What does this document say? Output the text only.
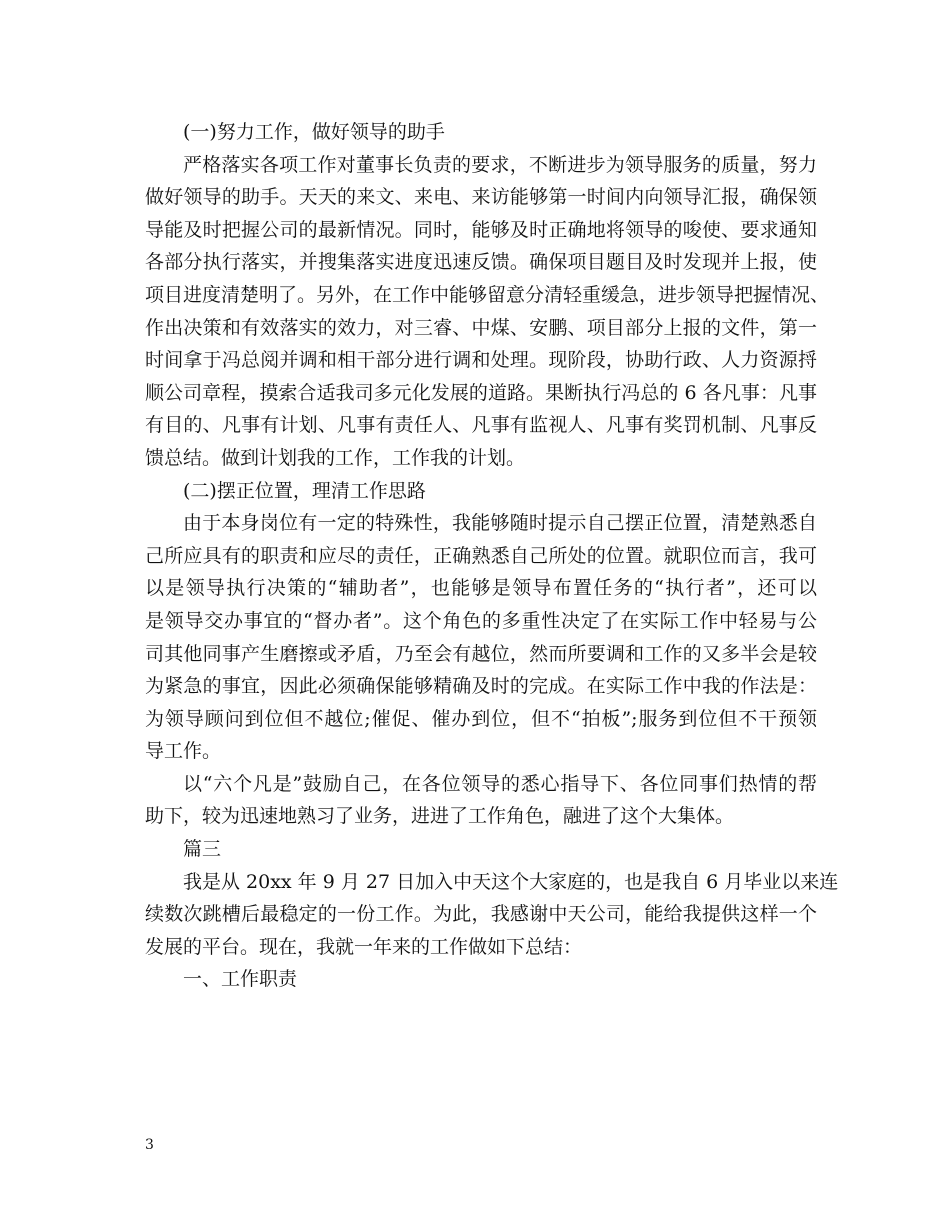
(一)努力工作，做好领导的助手
严格落实各项工作对董事长负责的要求，不断进步为领导服务的质量，努力
做好领导的助手。天天的来文、来电、来访能够第一时间内向领导汇报，确保领
导能及时把握公司的最新情况。同时，能够及时正确地将领导的唆使、要求通知
各部分执行落实，并搜集落实进度迅速反馈。确保项目题目及时发现并上报，使
项目进度清楚明了。另外，在工作中能够留意分清轻重缓急，进步领导把握情况、
作出决策和有效落实的效力，对三睿、中煤、安鹏、项目部分上报的文件，第一
时间拿于冯总阅并调和相干部分进行调和处理。现阶段，协助行政、人力资源捋
顺公司章程，摸索合适我司多元化发展的道路。果断执行冯总的 6 各凡事：凡事
有目的、凡事有计划、凡事有责任人、凡事有监视人、凡事有奖罚机制、凡事反
馈总结。做到计划我的工作，工作我的计划。
(二)摆正位置，理清工作思路
由于本身岗位有一定的特殊性，我能够随时提示自己摆正位置，清楚熟悉自
己所应具有的职责和应尽的责任，正确熟悉自己所处的位置。就职位而言，我可
以是领导执行决策的“辅助者”，也能够是领导布置任务的“执行者”，还可以
是领导交办事宜的“督办者”。这个角色的多重性决定了在实际工作中轻易与公
司其他同事产生磨擦或矛盾，乃至会有越位，然而所要调和工作的又多半会是较
为紧急的事宜，因此必须确保能够精确及时的完成。在实际工作中我的作法是：
为领导顾问到位但不越位;催促、催办到位，但不“拍板”;服务到位但不干预领
导工作。
以“六个凡是”鼓励自己，在各位领导的悉心指导下、各位同事们热情的帮
助下，较为迅速地熟习了业务，进进了工作角色，融进了这个大集体。
篇三
我是从 20xx 年 9 月 27 日加入中天这个大家庭的，也是我自 6 月毕业以来连
续数次跳槽后最稳定的一份工作。为此，我感谢中天公司，能给我提供这样一个
发展的平台。现在，我就一年来的工作做如下总结：
一、工作职责
3
